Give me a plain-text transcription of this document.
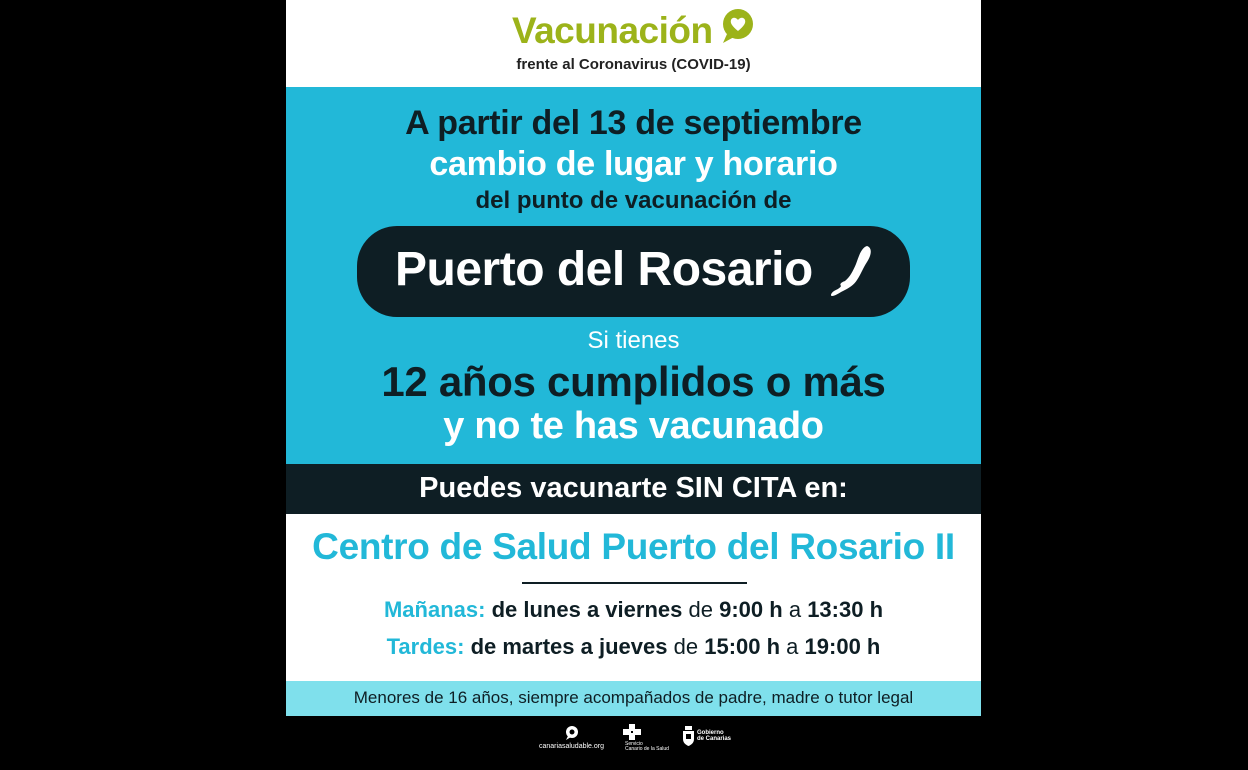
Vacunación
frente al Coronavirus (COVID-19)
A partir del 13 de septiembre
cambio de lugar y horario
del punto de vacunación de
Puerto del Rosario
Si tienes
12 años cumplidos o más
y no te has vacunado
Puedes vacunarte SIN CITA en:
Centro de Salud Puerto del Rosario II
Mañanas: de lunes a viernes de 9:00 h a 13:30 h
Tardes: de martes a jueves de 15:00 h a 19:00 h
Menores de 16 años, siempre acompañados de padre, madre o tutor legal
canariasaludable.org	Servicio
Canario de la Salud
Gobierno
de Canarias
